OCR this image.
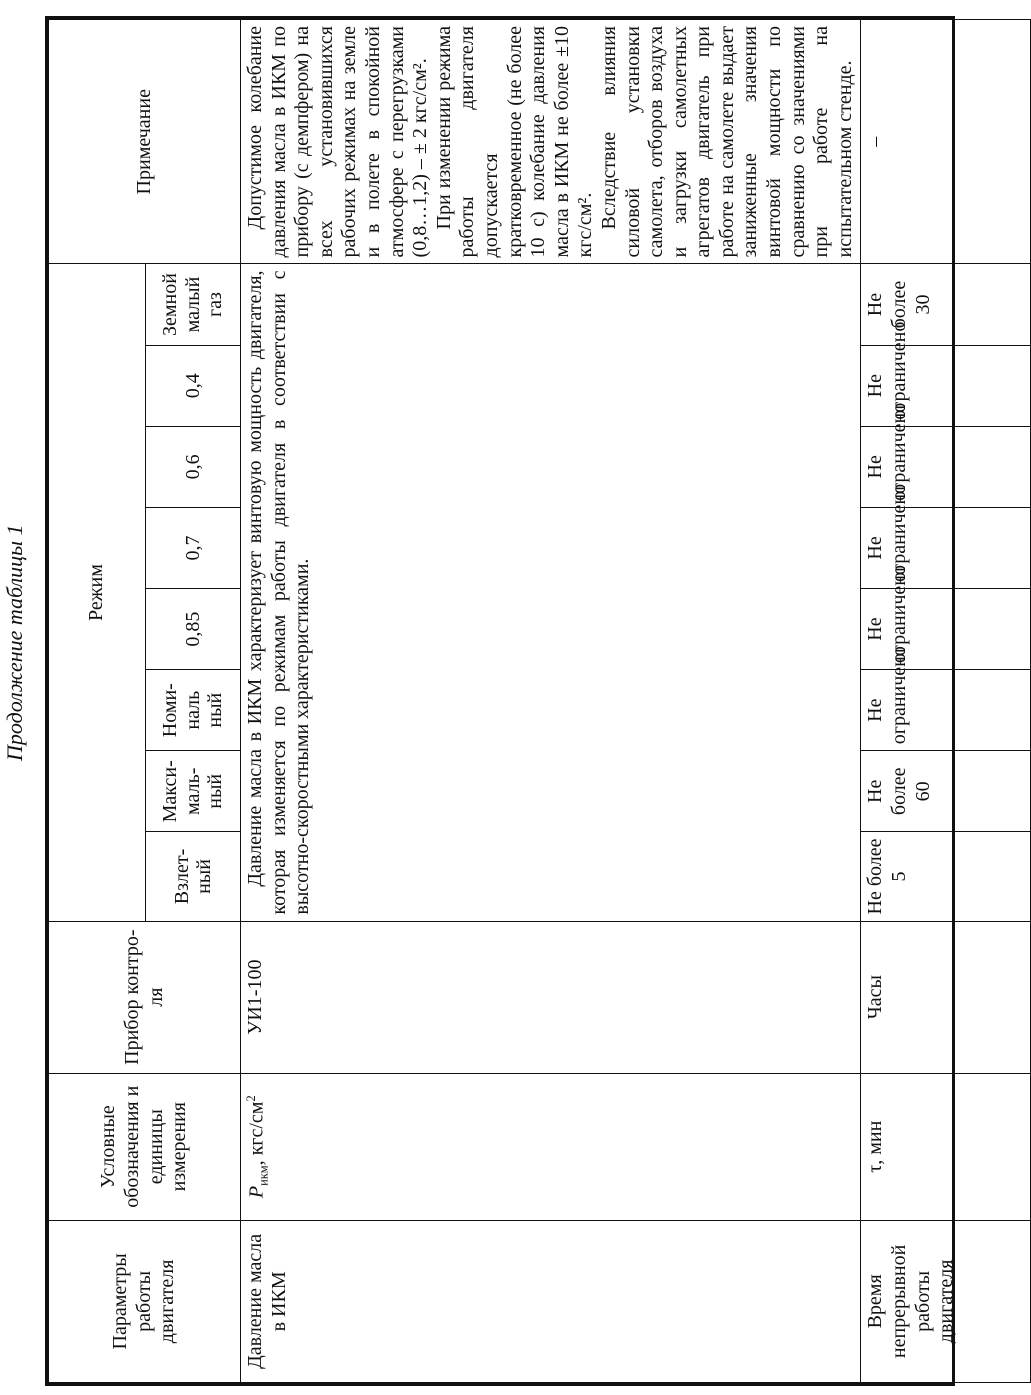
Продолжение таблицы 1
Параметры работы двигателя	Условные обозначения и единицы измерения	Прибор контро-ля	Режим								Примечание
			Взлет-ный	Макси-маль-ный	Номи-наль ный	0,85	0,7	0,6	0,4	Земной малый газ	
Давление масла в ИКМ	$P_{икм}$, кгс/$см^2$	УИ1-100	Давление масла в ИКМ характеризует винтовую мощность двигателя, которая изменяется по режимам работы двигателя в соответствии с высотно-скоростными характеристиками.								Допустимое колебание давления масла в ИКМ по прибору (с демпфером) на всех установившихся рабочих режимах на земле и в полете в спокойной атмосфере с перегрузками (0,8…1,2) – ± 2 кгс/см². При изменении режима работы двигателя допускается кратковременное (не более 10 с) колебание давления масла в ИКМ не более ±10 кгс/см². Вследствие влияния силовой установки самолета, отборов воздуха и загрузки самолетных агрегатов двигатель при работе на самолете выдает заниженные значения винтовой мощности по сравнению со значениями при работе на испытательном стенде.

Время непрерывной работы двигателя	τ, мин	Часы	Не более 5	Не более 60	Не ограничено	Не ограничено	Не ограничено	Не ограничено	Не ограничено	Не более 30	–
